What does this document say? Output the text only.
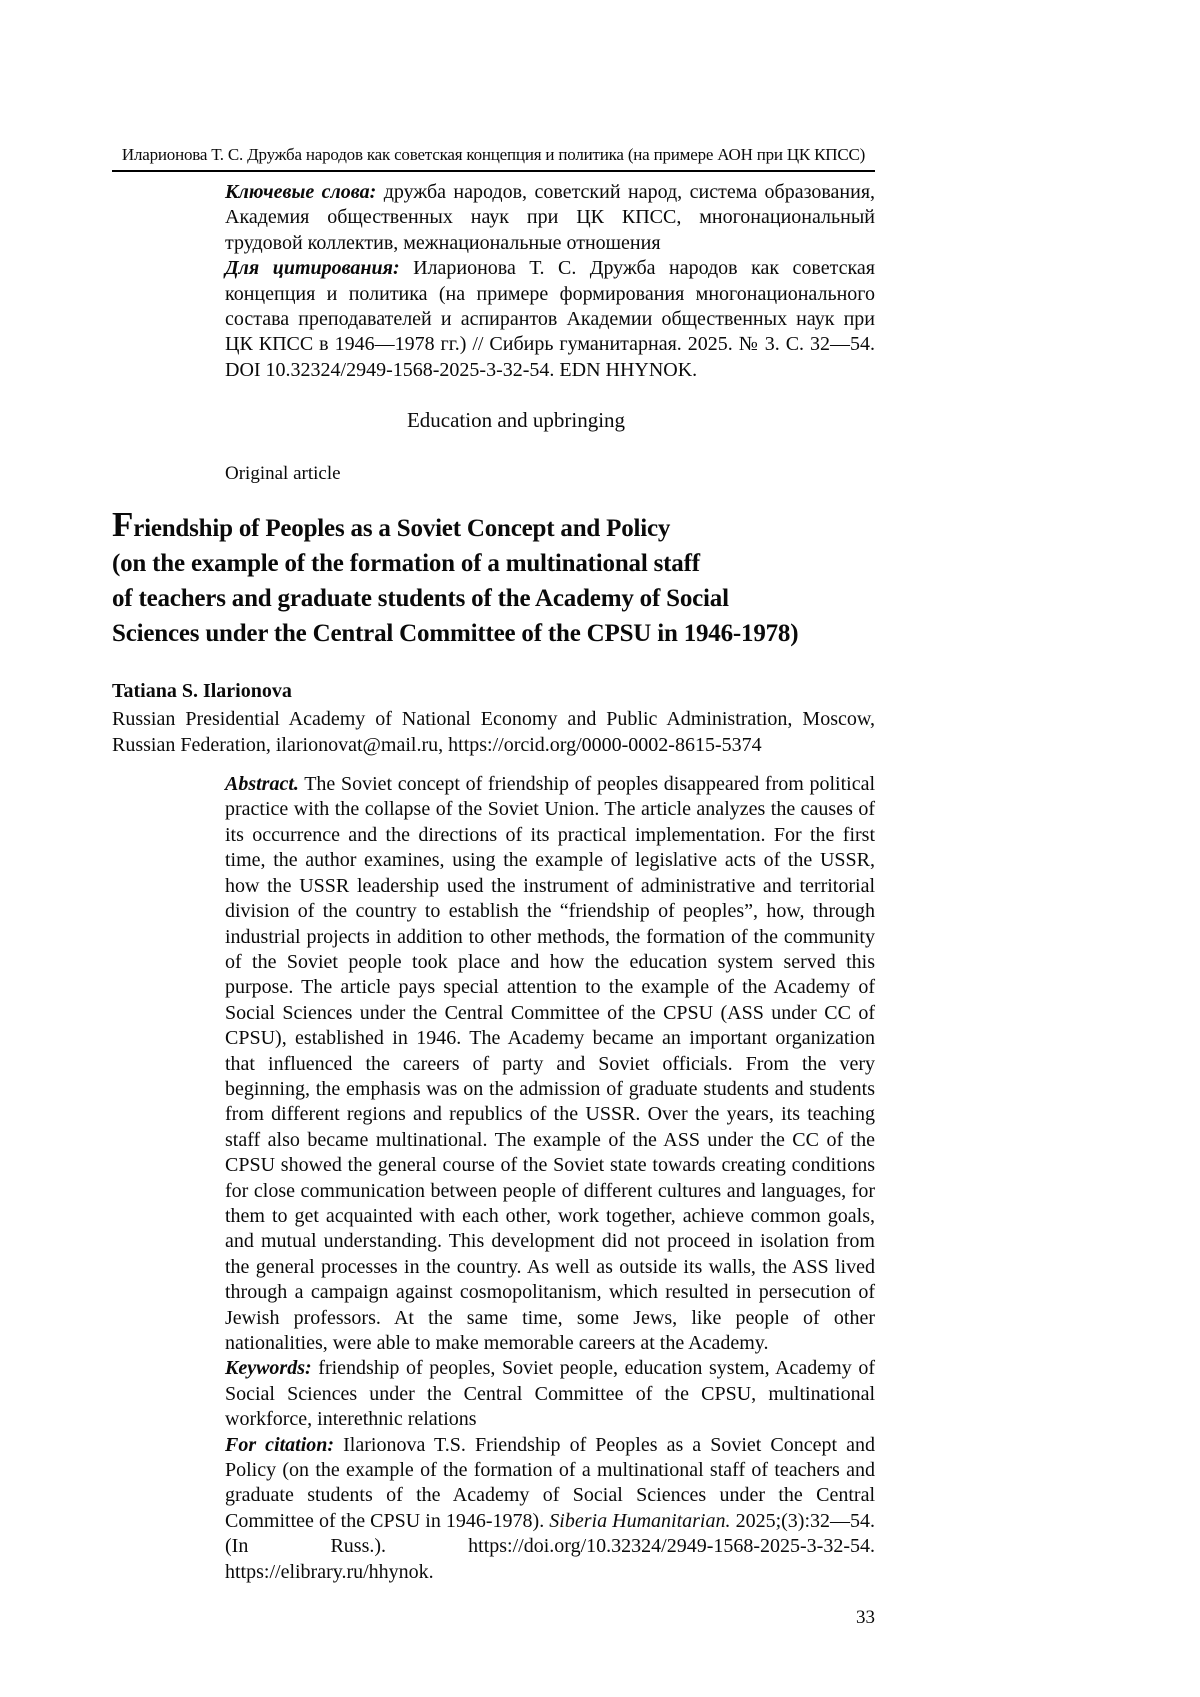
Иларионова Т. С. Дружба народов как советская концепция и политика (на примере АОН при ЦК КПСС)

Ключевые слова: дружба народов, советский народ, система образования, Академия общественных наук при ЦК КПСС, многонациональный трудовой коллектив, межнациональные отношения

Для цитирования: Иларионова Т. С. Дружба народов как советская концепция и политика (на примере формирования многонационального состава преподавателей и аспирантов Академии общественных наук при ЦК КПСС в 1946—1978 гг.) // Сибирь гуманитарная. 2025. № 3. С. 32—54. DOI 10.32324/2949-1568-2025-3-32-54. EDN HHYNOK.

Education and upbringing

Original article

Friendship of Peoples as a Soviet Concept and Policy
(on the example of the formation of a multinational staff
of teachers and graduate students of the Academy of Social
Sciences under the Central Committee of the CPSU in 1946-1978)

Tatiana S. Ilarionova

Russian Presidential Academy of National Economy and Public Administration, Moscow, Russian Federation, ilarionovat@mail.ru, https://orcid.org/0000-0002-8615-5374

Abstract. The Soviet concept of friendship of peoples disappeared from political practice with the collapse of the Soviet Union. The article analyzes the causes of its occurrence and the directions of its practical implementation. For the first time, the author examines, using the example of legislative acts of the USSR, how the USSR leadership used the instrument of administrative and territorial division of the country to establish the “friendship of peoples”, how, through industrial projects in addition to other methods, the formation of the community of the Soviet people took place and how the education system served this purpose. The article pays special attention to the example of the Academy of Social Sciences under the Central Committee of the CPSU (ASS under CC of CPSU), established in 1946. The Academy became an important organization that influenced the careers of party and Soviet officials. From the very beginning, the emphasis was on the admission of graduate students and students from different regions and republics of the USSR. Over the years, its teaching staff also became multinational. The example of the ASS under the CC of the CPSU showed the general course of the Soviet state towards creating conditions for close communication between people of different cultures and languages, for them to get acquainted with each other, work together, achieve common goals, and mutual understanding. This development did not proceed in isolation from the general processes in the country. As well as outside its walls, the ASS lived through a campaign against cosmopolitanism, which resulted in persecution of Jewish professors. At the same time, some Jews, like people of other nationalities, were able to make memorable careers at the Academy.

Keywords: friendship of peoples, Soviet people, education system, Academy of Social Sciences under the Central Committee of the CPSU, multinational workforce, interethnic relations

For citation: Ilarionova T.S. Friendship of Peoples as a Soviet Concept and Policy (on the example of the formation of a multinational staff of teachers and graduate students of the Academy of Social Sciences under the Central Committee of the CPSU in 1946-1978). Siberia Humanitarian. 2025;(3):32—54. (In Russ.). https://doi.org/10.32324/2949-1568-2025-3-32-54. https://elibrary.ru/hhynok.

33
